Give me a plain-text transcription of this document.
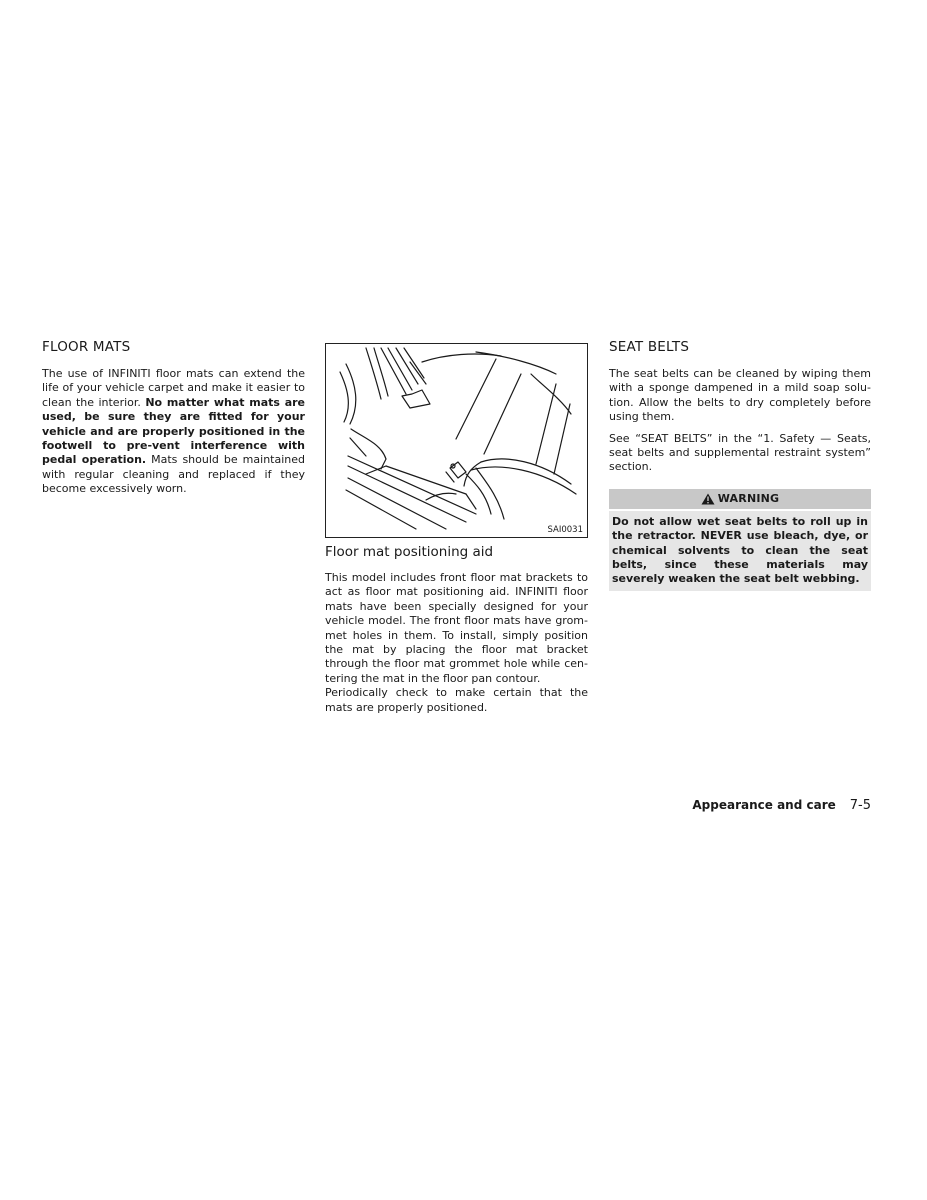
FLOOR MATS

The use of INFINITI floor mats can extend the life of your vehicle carpet and make it easier to clean the interior. No matter what mats are used, be sure they are fitted for your vehicle and are properly positioned in the footwell to pre-vent interference with pedal operation. Mats should be maintained with regular cleaning and replaced if they become excessively worn.

SAI0031
Floor mat positioning aid

This model includes front floor mat brackets to act as floor mat positioning aid. INFINITI floor mats have been specially designed for your vehicle model. The front floor mats have grom-met holes in them. To install, simply position the mat by placing the floor mat bracket through the floor mat grommet hole while cen-tering the mat in the floor pan contour.

Periodically check to make certain that the mats are properly positioned.

SEAT BELTS

The seat belts can be cleaned by wiping them with a sponge dampened in a mild soap solu-tion. Allow the belts to dry completely before using them.

See “SEAT BELTS” in the “1. Safety — Seats, seat belts and supplemental restraint system” section.

WARNING
Do not allow wet seat belts to roll up in the retractor. NEVER use bleach, dye, or chemical solvents to clean the seat belts, since these materials may severely weaken the seat belt webbing.
Appearance and care 7-5
